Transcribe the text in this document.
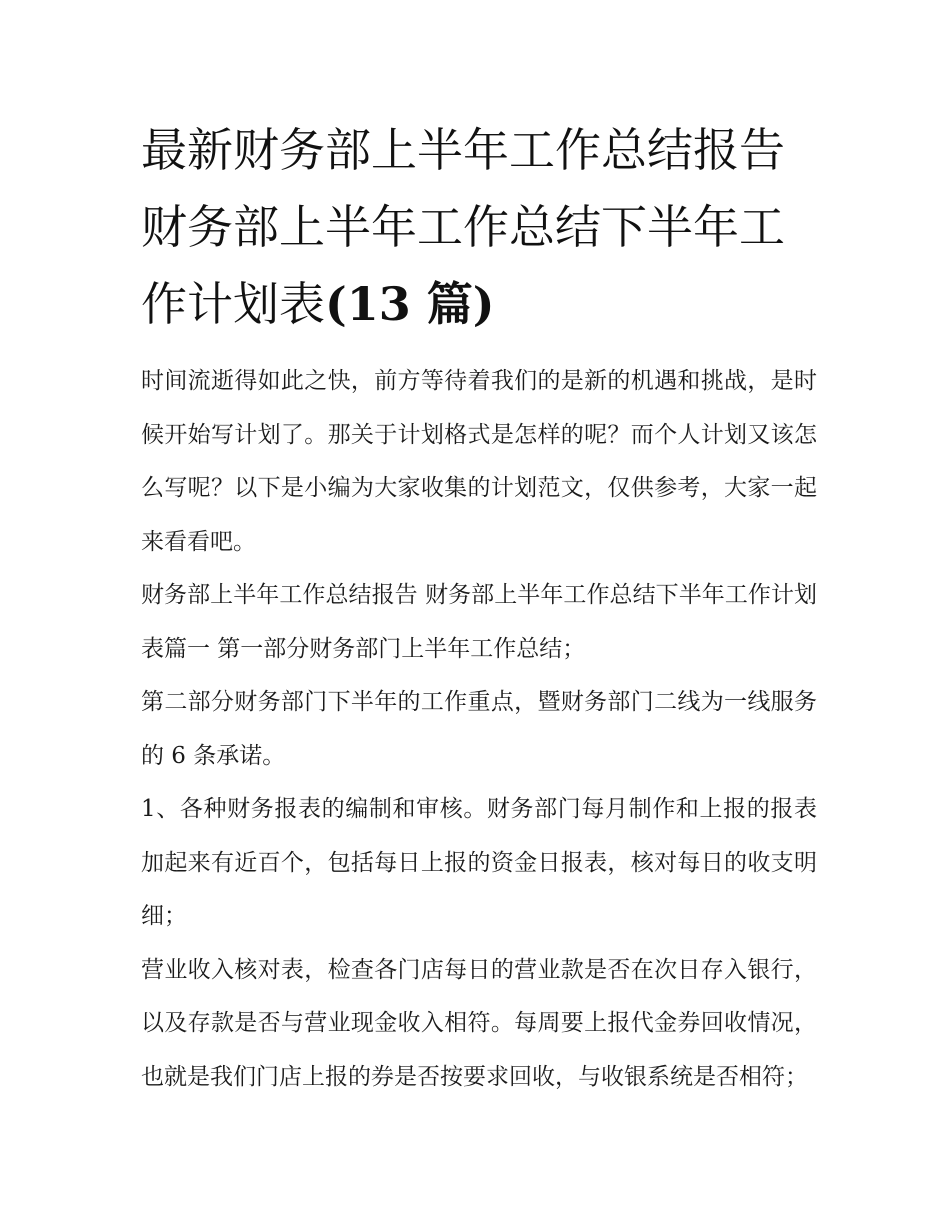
最新财务部上半年工作总结报告 财务部上半年工作总结下半年工作计划表(13 篇)

时间流逝得如此之快，前方等待着我们的是新的机遇和挑战，是时候开始写计划了。那关于计划格式是怎样的呢？而个人计划又该怎么写呢？以下是小编为大家收集的计划范文，仅供参考，大家一起来看看吧。

财务部上半年工作总结报告 财务部上半年工作总结下半年工作计划表篇一 第一部分财务部门上半年工作总结；

第二部分财务部门下半年的工作重点，暨财务部门二线为一线服务的 6 条承诺。

1、各种财务报表的编制和审核。财务部门每月制作和上报的报表加起来有近百个，包括每日上报的资金日报表，核对每日的收支明细；

营业收入核对表，检查各门店每日的营业款是否在次日存入银行，以及存款是否与营业现金收入相符。每周要上报代金券回收情况，也就是我们门店上报的券是否按要求回收，与收银系统是否相符；
